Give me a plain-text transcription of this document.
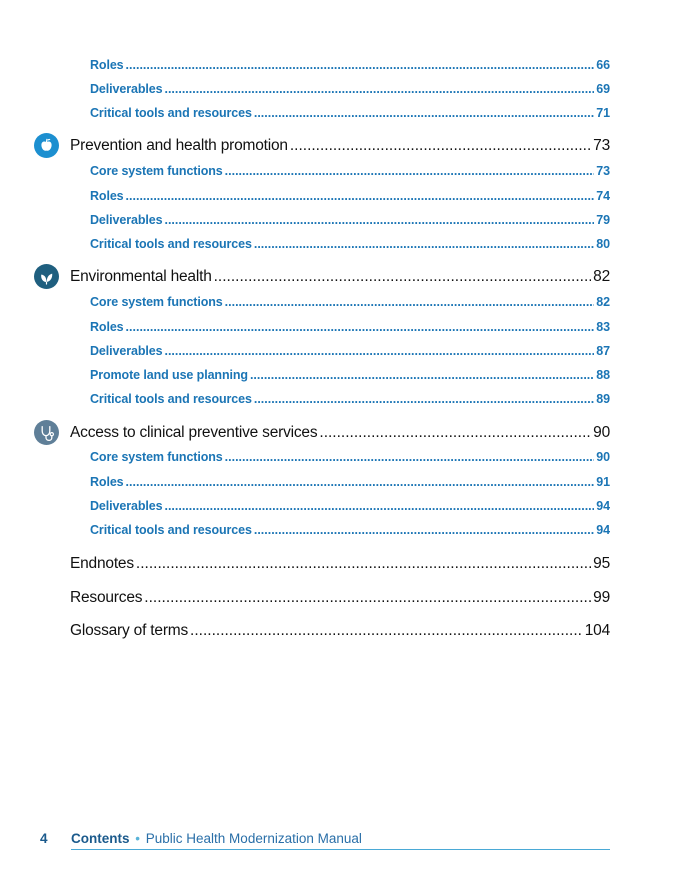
Roles .....	66
Deliverables .....	69
Critical tools and resources .....	71
Prevention and health promotion .....	73
Core system functions .....	73
Roles .....	74
Deliverables .....	79
Critical tools and resources .....	80
Environmental health .....	82
Core system functions .....	82
Roles .....	83
Deliverables .....	87
Promote land use planning .....	88
Critical tools and resources .....	89
Access to clinical preventive services .....	90
Core system functions .....	90
Roles .....	91
Deliverables .....	94
Critical tools and resources .....	94
Endnotes .....	95
Resources .....	99
Glossary of terms .....	104
4 Contents • Public Health Modernization Manual
